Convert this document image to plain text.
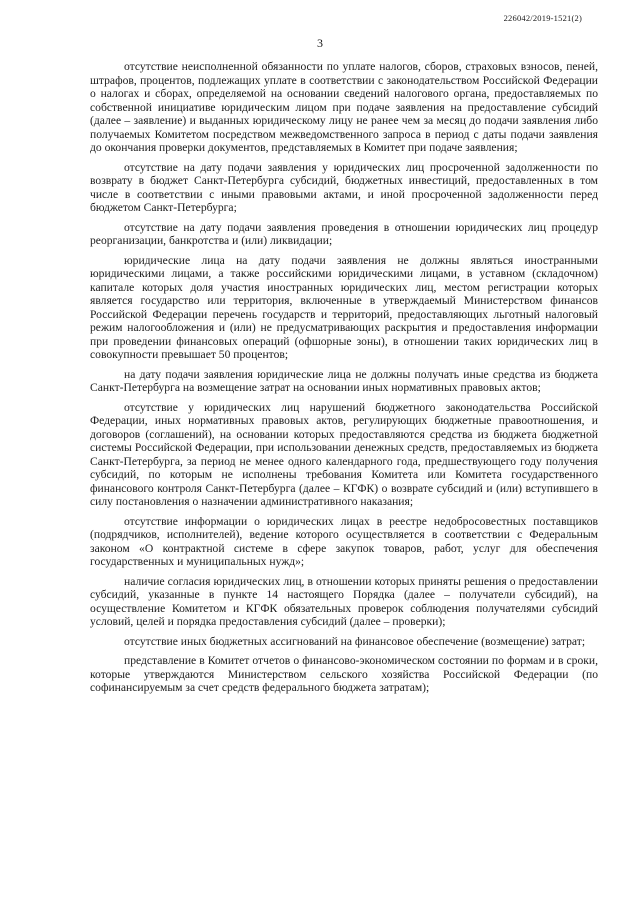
226042/2019-1521(2)
3

отсутствие неисполненной обязанности по уплате налогов, сборов, страховых взносов, пеней, штрафов, процентов, подлежащих уплате в соответствии с законодательством Российской Федерации о налогах и сборах, определяемой на основании сведений налогового органа, предоставляемых по собственной инициативе юридическим лицом при подаче заявления на предоставление субсидий (далее – заявление) и выданных юридическому лицу не ранее чем за месяц до подачи заявления либо получаемых Комитетом посредством межведомственного запроса в период с даты подачи заявления до окончания проверки документов, представляемых в Комитет при подаче заявления;

отсутствие на дату подачи заявления у юридических лиц просроченной задолженности по возврату в бюджет Санкт-Петербурга субсидий, бюджетных инвестиций, предоставленных в том числе в соответствии с иными правовыми актами, и иной просроченной задолженности перед бюджетом Санкт-Петербурга;

отсутствие на дату подачи заявления проведения в отношении юридических лиц процедур реорганизации, банкротства и (или) ликвидации;

юридические лица на дату подачи заявления не должны являться иностранными юридическими лицами, а также российскими юридическими лицами, в уставном (складочном) капитале которых доля участия иностранных юридических лиц, местом регистрации которых является государство или территория, включенные в утверждаемый Министерством финансов Российской Федерации перечень государств и территорий, предоставляющих льготный налоговый режим налогообложения и (или) не предусматривающих раскрытия и предоставления информации при проведении финансовых операций (офшорные зоны), в отношении таких юридических лиц в совокупности превышает 50 процентов;

на дату подачи заявления юридические лица не должны получать иные средства из бюджета Санкт-Петербурга на возмещение затрат на основании иных нормативных правовых актов;

отсутствие у юридических лиц нарушений бюджетного законодательства Российской Федерации, иных нормативных правовых актов, регулирующих бюджетные правоотношения, и договоров (соглашений), на основании которых предоставляются средства из бюджета бюджетной системы Российской Федерации, при использовании денежных средств, предоставляемых из бюджета Санкт-Петербурга, за период не менее одного календарного года, предшествующего году получения субсидий, по которым не исполнены требования Комитета или Комитета государственного финансового контроля Санкт-Петербурга (далее – КГФК) о возврате субсидий и (или) вступившего в силу постановления о назначении административного наказания;

отсутствие информации о юридических лицах в реестре недобросовестных поставщиков (подрядчиков, исполнителей), ведение которого осуществляется в соответствии с Федеральным законом «О контрактной системе в сфере закупок товаров, работ, услуг для обеспечения государственных и муниципальных нужд»;

наличие согласия юридических лиц, в отношении которых приняты решения о предоставлении субсидий, указанные в пункте 14 настоящего Порядка (далее – получатели субсидий), на осуществление Комитетом и КГФК обязательных проверок соблюдения получателями субсидий условий, целей и порядка предоставления субсидий (далее – проверки);

отсутствие иных бюджетных ассигнований на финансовое обеспечение (возмещение) затрат;

представление в Комитет отчетов о финансово-экономическом состоянии по формам и в сроки, которые утверждаются Министерством сельского хозяйства Российской Федерации (по софинансируемым за счет средств федерального бюджета затратам);
